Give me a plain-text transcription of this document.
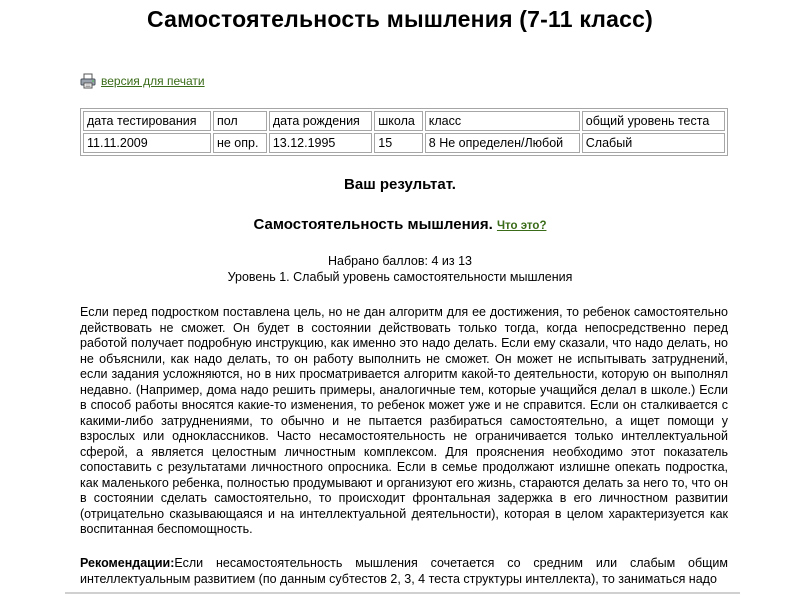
Самостоятельность мышления (7-11 класс)
версия для печати
дата тестирования	пол	дата рождения	школа	класс	общий уровень теста
11.11.2009	не опр.	13.12.1995	15	8 Не определен/Любой	Слабый
Ваш результат.
Самостоятельность мышления. Что это?
Набрано баллов: 4 из 13
Уровень 1. Слабый уровень самостоятельности мышления

Если перед подростком поставлена цель, но не дан алгоритм для ее достижения, то ребенок самостоятельно действовать не сможет. Он будет в состоянии действовать только тогда, когда непосредственно перед работой получает подробную инструкцию, как именно это надо делать. Если ему сказали, что надо делать, но не объяснили, как надо делать, то он работу выполнить не сможет. Он может не испытывать затруднений, если задания усложняются, но в них просматривается алгоритм какой-то деятельности, которую он выполнял недавно. (Например, дома надо решить примеры, аналогичные тем, которые учащийся делал в школе.) Если в способ работы вносятся какие-то изменения, то ребенок может уже и не справится. Если он сталкивается с какими-либо затруднениями, то обычно и не пытается разбираться самостоятельно, а ищет помощи у взрослых или одноклассников. Часто несамостоятельность не ограничивается только интеллектуальной сферой, а является целостным личностным комплексом. Для прояснения необходимо этот показатель сопоставить с результатами личностного опросника. Если в семье продолжают излишне опекать подростка, как маленького ребенка, полностью продумывают и организуют его жизнь, стараются делать за него то, что он в состоянии сделать самостоятельно, то происходит фронтальная задержка в его личностном развитии (отрицательно сказывающаяся и на интеллектуальной деятельности), которая в целом характеризуется как воспитанная беспомощность.

Рекомендации:Если несамостоятельность мышления сочетается со средним или слабым общим интеллектуальным развитием (по данным субтестов 2, 3, 4 теста структуры интеллекта), то заниматься надо
